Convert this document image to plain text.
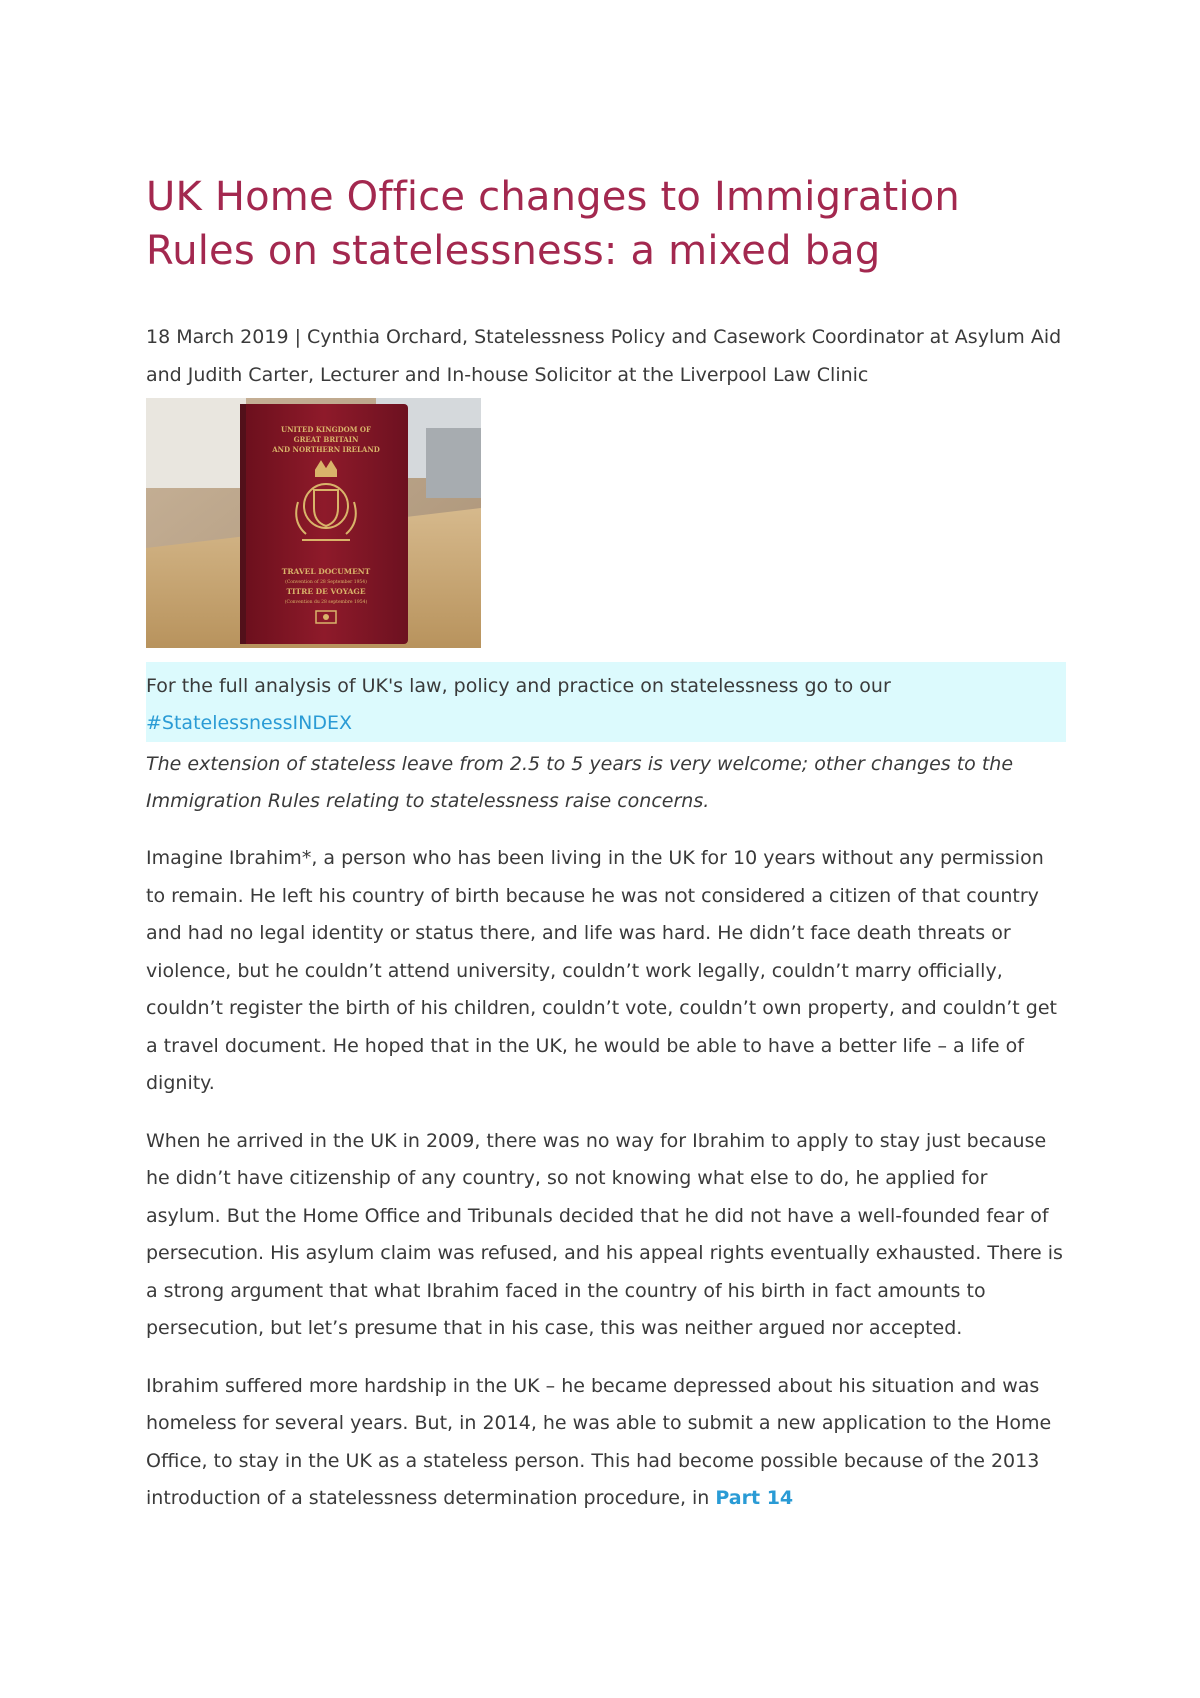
UK Home Office changes to Immigration Rules on statelessness: a mixed bag

18 March 2019 | Cynthia Orchard, Statelessness Policy and Casework Coordinator at Asylum Aid and Judith Carter, Lecturer and In-house Solicitor at the Liverpool Law Clinic

UNITED KINGDOM OF
GREAT BRITAIN
AND NORTHERN IRELAND
TRAVEL DOCUMENT
(Convention of 28 September 1954)
TITRE DE VOYAGE
(Convention du 28 septembre 1954)
For the full analysis of UK's law, policy and practice on statelessness go to our #StatelessnessINDEX

The extension of stateless leave from 2.5 to 5 years is very welcome; other changes to the Immigration Rules relating to statelessness raise concerns.

Imagine Ibrahim*, a person who has been living in the UK for 10 years without any permission to remain. He left his country of birth because he was not considered a citizen of that country and had no legal identity or status there, and life was hard. He didn’t face death threats or violence, but he couldn’t attend university, couldn’t work legally, couldn’t marry officially, couldn’t register the birth of his children, couldn’t vote, couldn’t own property, and couldn’t get a travel document. He hoped that in the UK, he would be able to have a better life – a life of dignity.

When he arrived in the UK in 2009, there was no way for Ibrahim to apply to stay just because he didn’t have citizenship of any country, so not knowing what else to do, he applied for asylum. But the Home Office and Tribunals decided that he did not have a well-founded fear of persecution. His asylum claim was refused, and his appeal rights eventually exhausted. There is a strong argument that what Ibrahim faced in the country of his birth in fact amounts to persecution, but let’s presume that in his case, this was neither argued nor accepted.

Ibrahim suffered more hardship in the UK – he became depressed about his situation and was homeless for several years. But, in 2014, he was able to submit a new application to the Home Office, to stay in the UK as a stateless person. This had become possible because of the 2013 introduction of a statelessness determination procedure, in Part 14
